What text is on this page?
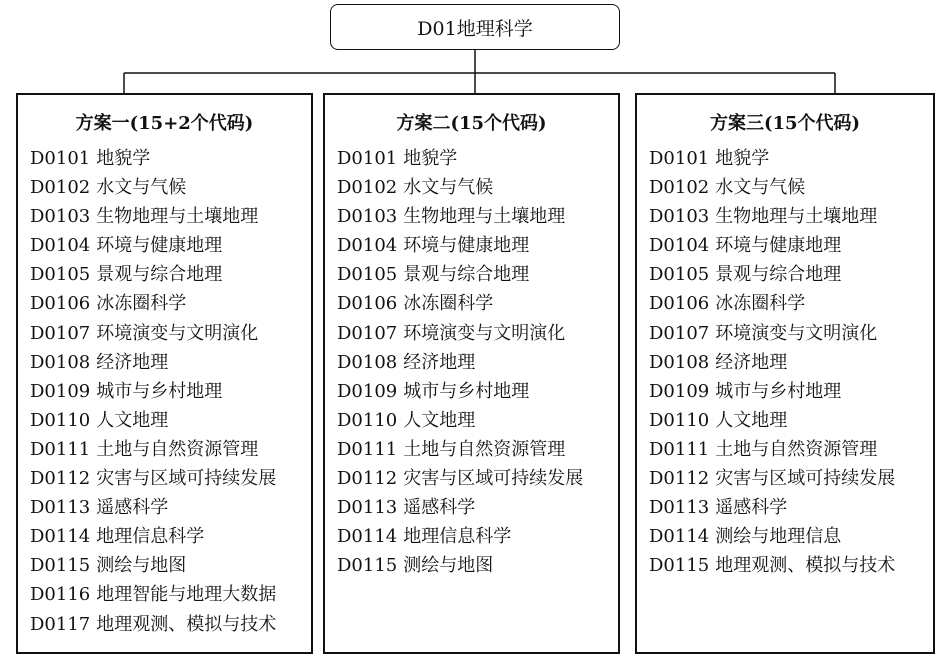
D01地理科学
方案一(15+2个代码)
D0101 地貌学
D0102 水文与气候
D0103 生物地理与土壤地理
D0104 环境与健康地理
D0105 景观与综合地理
D0106 冰冻圈科学
D0107 环境演变与文明演化
D0108 经济地理
D0109 城市与乡村地理
D0110 人文地理
D0111 土地与自然资源管理
D0112 灾害与区域可持续发展
D0113 遥感科学
D0114 地理信息科学
D0115 测绘与地图
D0116 地理智能与地理大数据
D0117 地理观测、模拟与技术
方案二(15个代码)
D0101 地貌学
D0102 水文与气候
D0103 生物地理与土壤地理
D0104 环境与健康地理
D0105 景观与综合地理
D0106 冰冻圈科学
D0107 环境演变与文明演化
D0108 经济地理
D0109 城市与乡村地理
D0110 人文地理
D0111 土地与自然资源管理
D0112 灾害与区域可持续发展
D0113 遥感科学
D0114 地理信息科学
D0115 测绘与地图
方案三(15个代码)
D0101 地貌学
D0102 水文与气候
D0103 生物地理与土壤地理
D0104 环境与健康地理
D0105 景观与综合地理
D0106 冰冻圈科学
D0107 环境演变与文明演化
D0108 经济地理
D0109 城市与乡村地理
D0110 人文地理
D0111 土地与自然资源管理
D0112 灾害与区域可持续发展
D0113 遥感科学
D0114 测绘与地理信息
D0115 地理观测、模拟与技术
